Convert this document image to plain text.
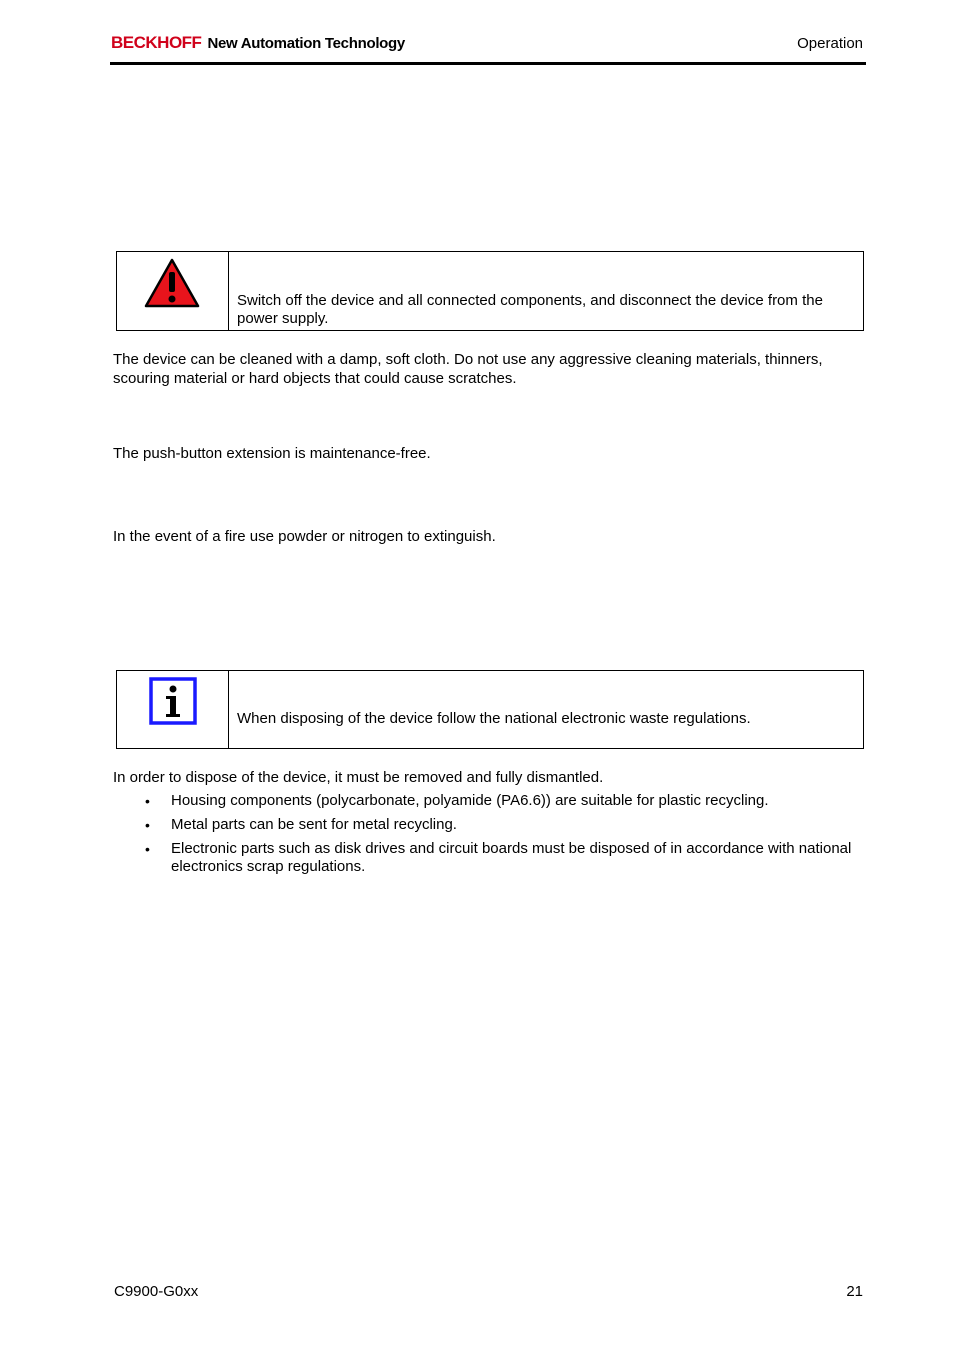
BECKHOFF New Automation Technology	Operation
Switch off the device and all connected components, and disconnect the device from the power supply.

The device can be cleaned with a damp, soft cloth. Do not use any aggressive cleaning materials, thinners, scouring material or hard objects that could cause scratches.

The push-button extension is maintenance-free.

In the event of a fire use powder or nitrogen to extinguish.

When disposing of the device follow the national electronic waste regulations.

In order to dispose of the device, it must be removed and fully dismantled.

• Housing components (polycarbonate, polyamide (PA6.6)) are suitable for plastic recycling.
• Metal parts can be sent for metal recycling.
• Electronic parts such as disk drives and circuit boards must be disposed of in accordance with national electronics scrap regulations.
C9900-G0xx	21
